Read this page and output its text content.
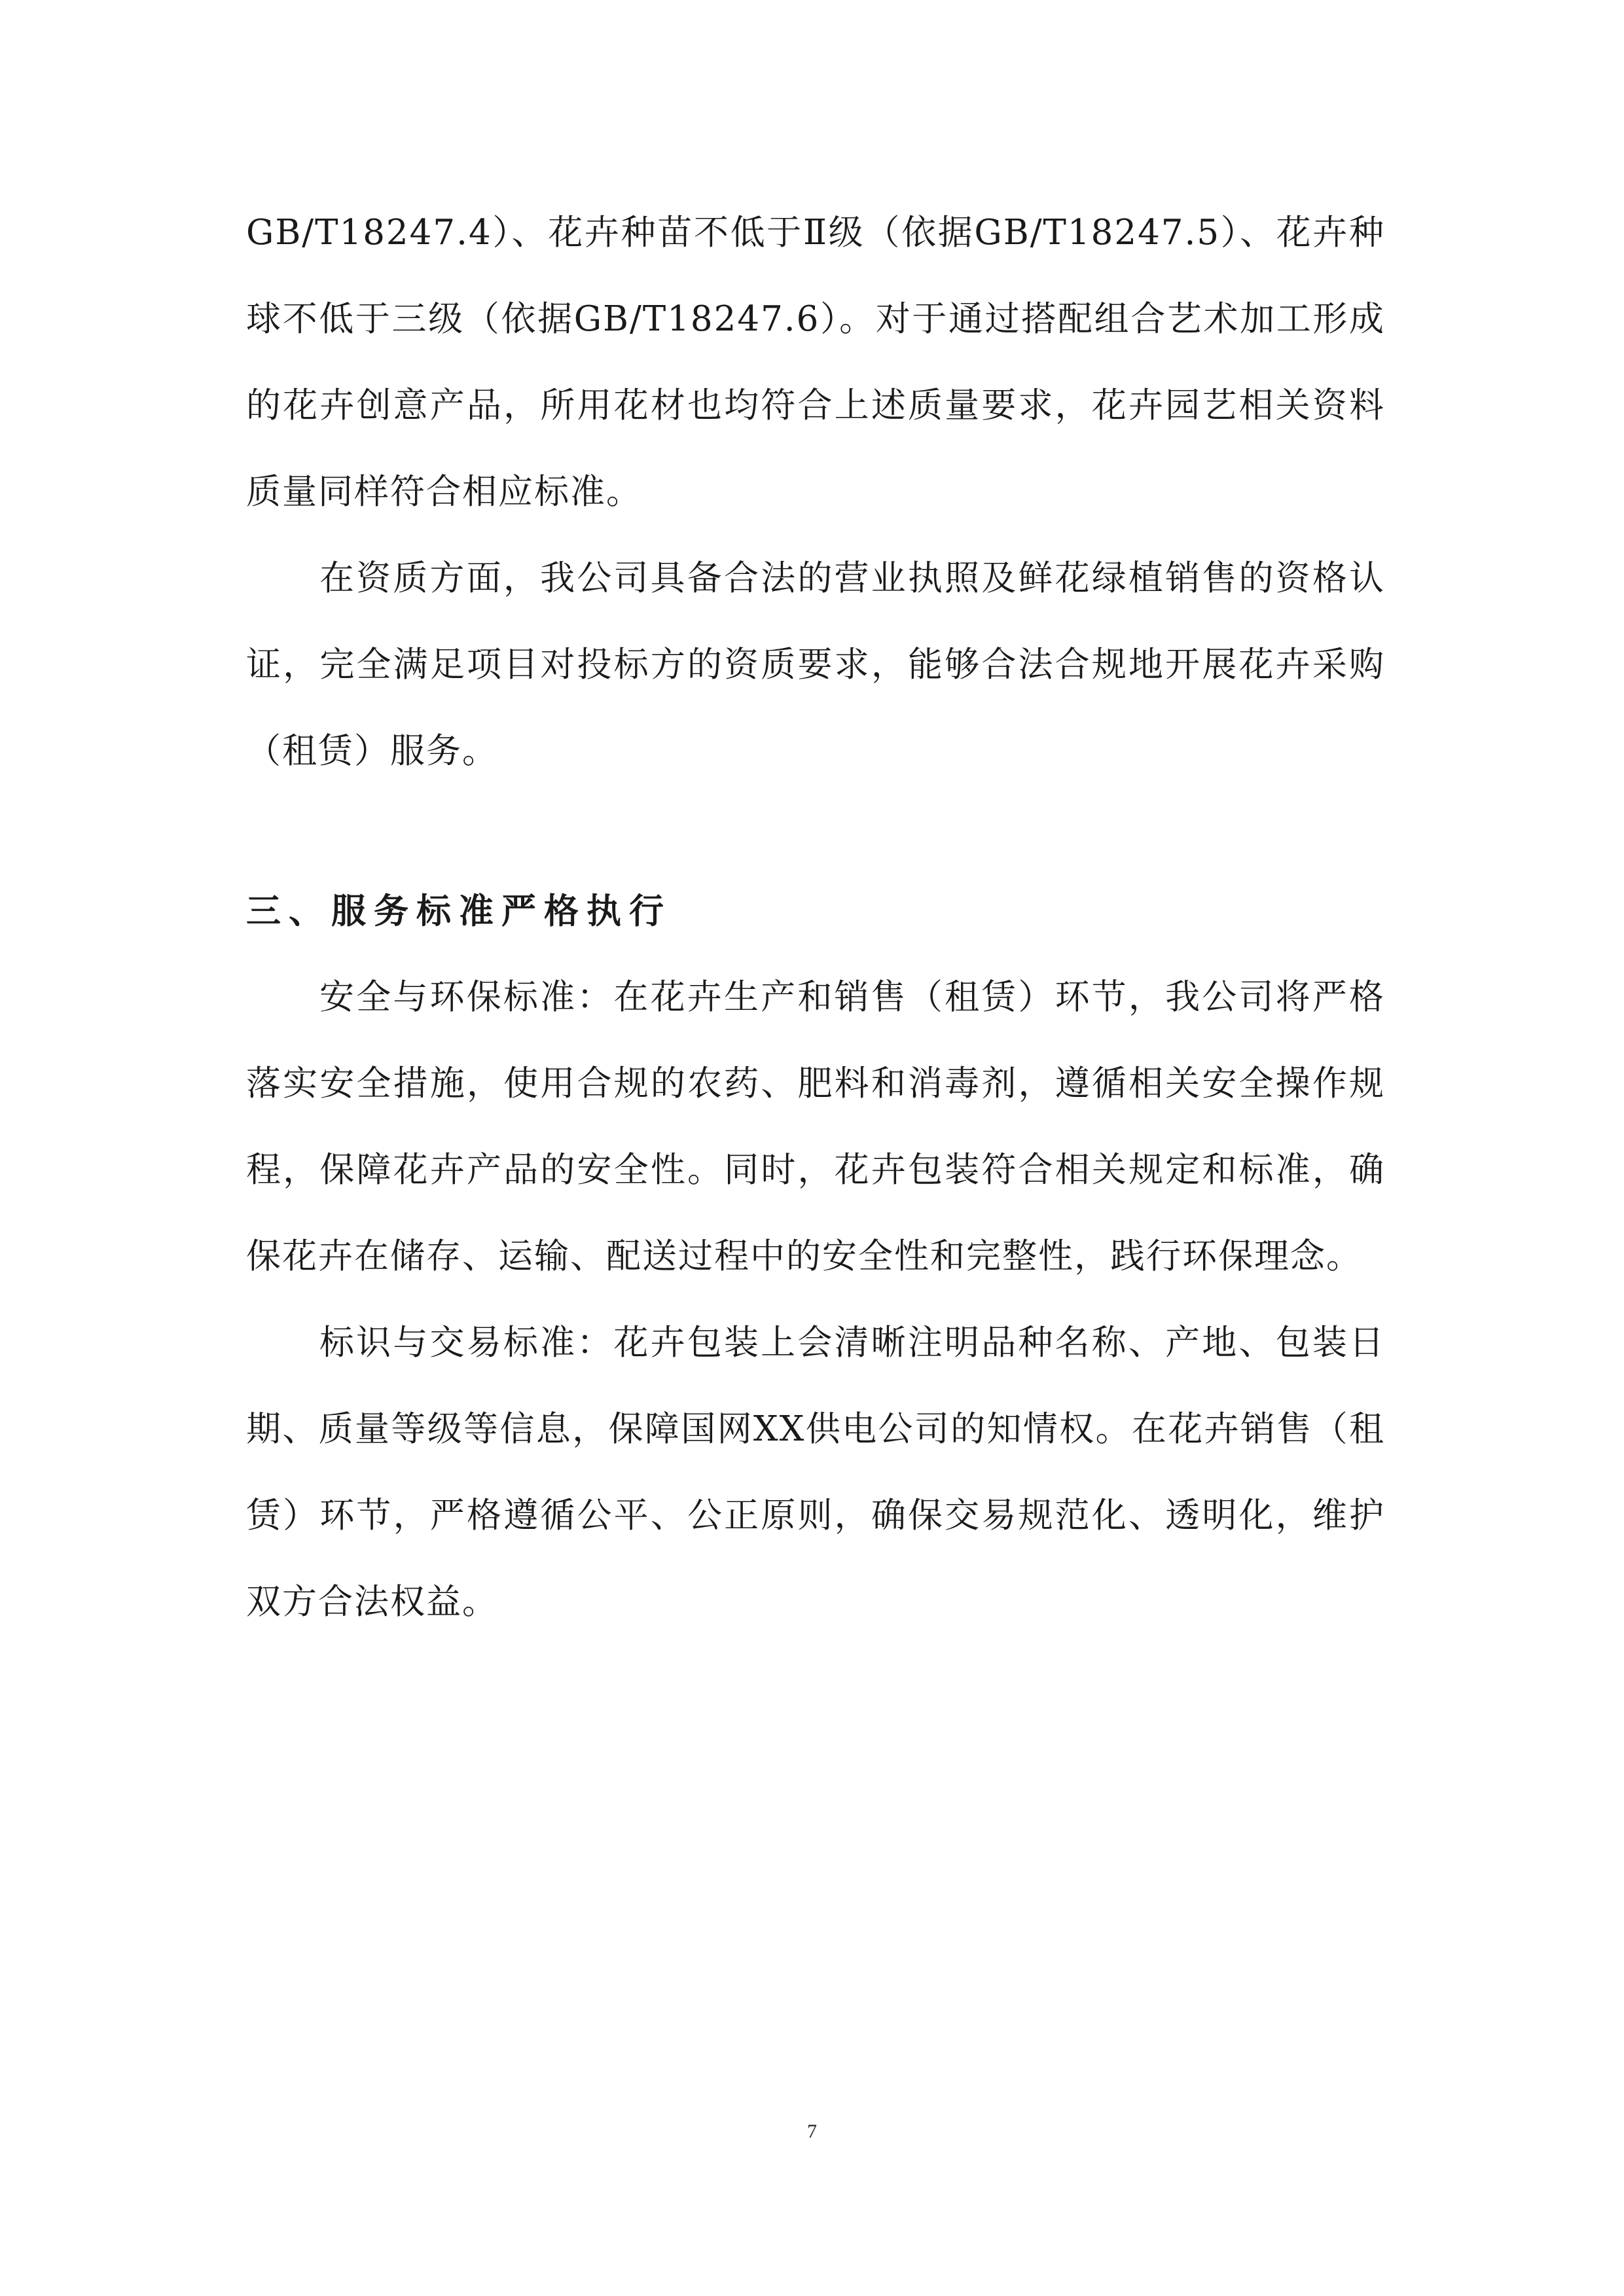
GB/T18247.4）、花卉种苗不低于Ⅱ级（依据GB/T18247.5）、花卉种球不低于三级（依据GB/T18247.6）。对于通过搭配组合艺术加工形成的花卉创意产品，所用花材也均符合上述质量要求，花卉园艺相关资料质量同样符合相应标准。

在资质方面，我公司具备合法的营业执照及鲜花绿植销售的资格认证，完全满足项目对投标方的资质要求，能够合法合规地开展花卉采购（租赁）服务。

三、服务标准严格执行

安全与环保标准：在花卉生产和销售（租赁）环节，我公司将严格落实安全措施，使用合规的农药、肥料和消毒剂，遵循相关安全操作规程，保障花卉产品的安全性。同时，花卉包装符合相关规定和标准，确保花卉在储存、运输、配送过程中的安全性和完整性，践行环保理念。

标识与交易标准：花卉包装上会清晰注明品种名称、产地、包装日期、质量等级等信息，保障国网XX供电公司的知情权。在花卉销售（租赁）环节，严格遵循公平、公正原则，确保交易规范化、透明化，维护双方合法权益。

7
